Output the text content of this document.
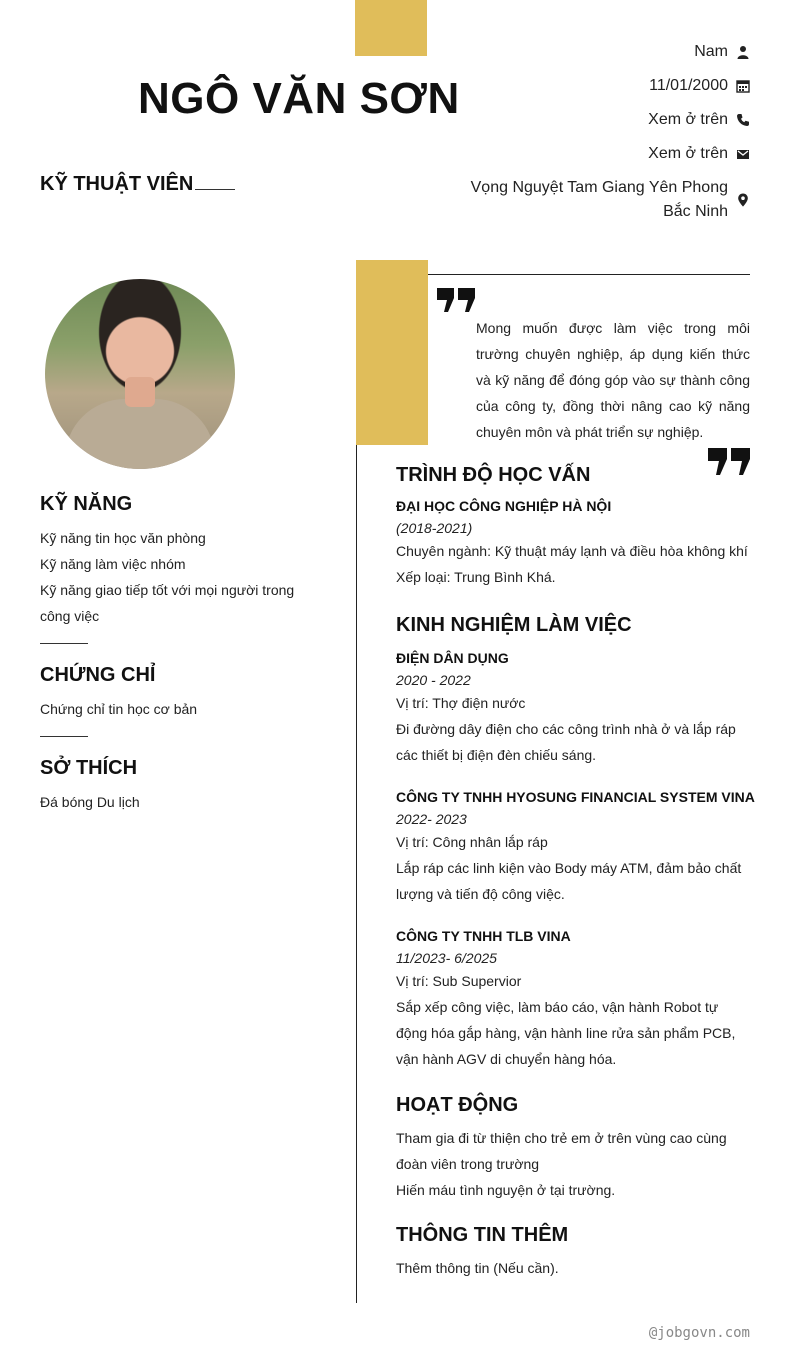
NGÔ VĂN SƠN
KỸ THUẬT VIÊN
Nam
11/01/2000
Xem ở trên
Xem ở trên
Vọng Nguyệt Tam Giang Yên Phong
Bắc Ninh
Mong muốn được làm việc trong môi trường chuyên nghiệp, áp dụng kiến thức và kỹ năng để đóng góp vào sự thành công của công ty, đồng thời nâng cao kỹ năng chuyên môn và phát triển sự nghiệp.
KỸ NĂNG
Kỹ năng tin học văn phòng
Kỹ năng làm việc nhóm
Kỹ năng giao tiếp tốt với mọi người trong công việc
CHỨNG CHỈ
Chứng chỉ tin học cơ bản
SỞ THÍCH
Đá bóng Du lịch
TRÌNH ĐỘ HỌC VẤN
ĐẠI HỌC CÔNG NGHIỆP HÀ NỘI
(2018-2021)
Chuyên ngành: Kỹ thuật máy lạnh và điều hòa không khí
Xếp loại: Trung Bình Khá.
KINH NGHIỆM LÀM VIỆC
ĐIỆN DÂN DỤNG
2020 - 2022
Vị trí: Thợ điện nước
Đi đường dây điện cho các công trình nhà ở và lắp ráp các thiết bị điện đèn chiếu sáng.
CÔNG TY TNHH HYOSUNG FINANCIAL SYSTEM VINA
2022- 2023
Vị trí: Công nhân lắp ráp
Lắp ráp các linh kiện vào Body máy ATM, đảm bảo chất lượng và tiến độ công việc.
CÔNG TY TNHH TLB VINA
11/2023- 6/2025
Vị trí: Sub Supervior
Sắp xếp công việc, làm báo cáo, vận hành Robot tự động hóa gắp hàng, vận hành line rửa sản phẩm PCB, vận hành AGV di chuyển hàng hóa.
HOẠT ĐỘNG
Tham gia đi từ thiện cho trẻ em ở trên vùng cao cùng đoàn viên trong trường
Hiến máu tình nguyện ở tại trường.
THÔNG TIN THÊM
Thêm thông tin (Nếu cần).
@jobgovn.com
